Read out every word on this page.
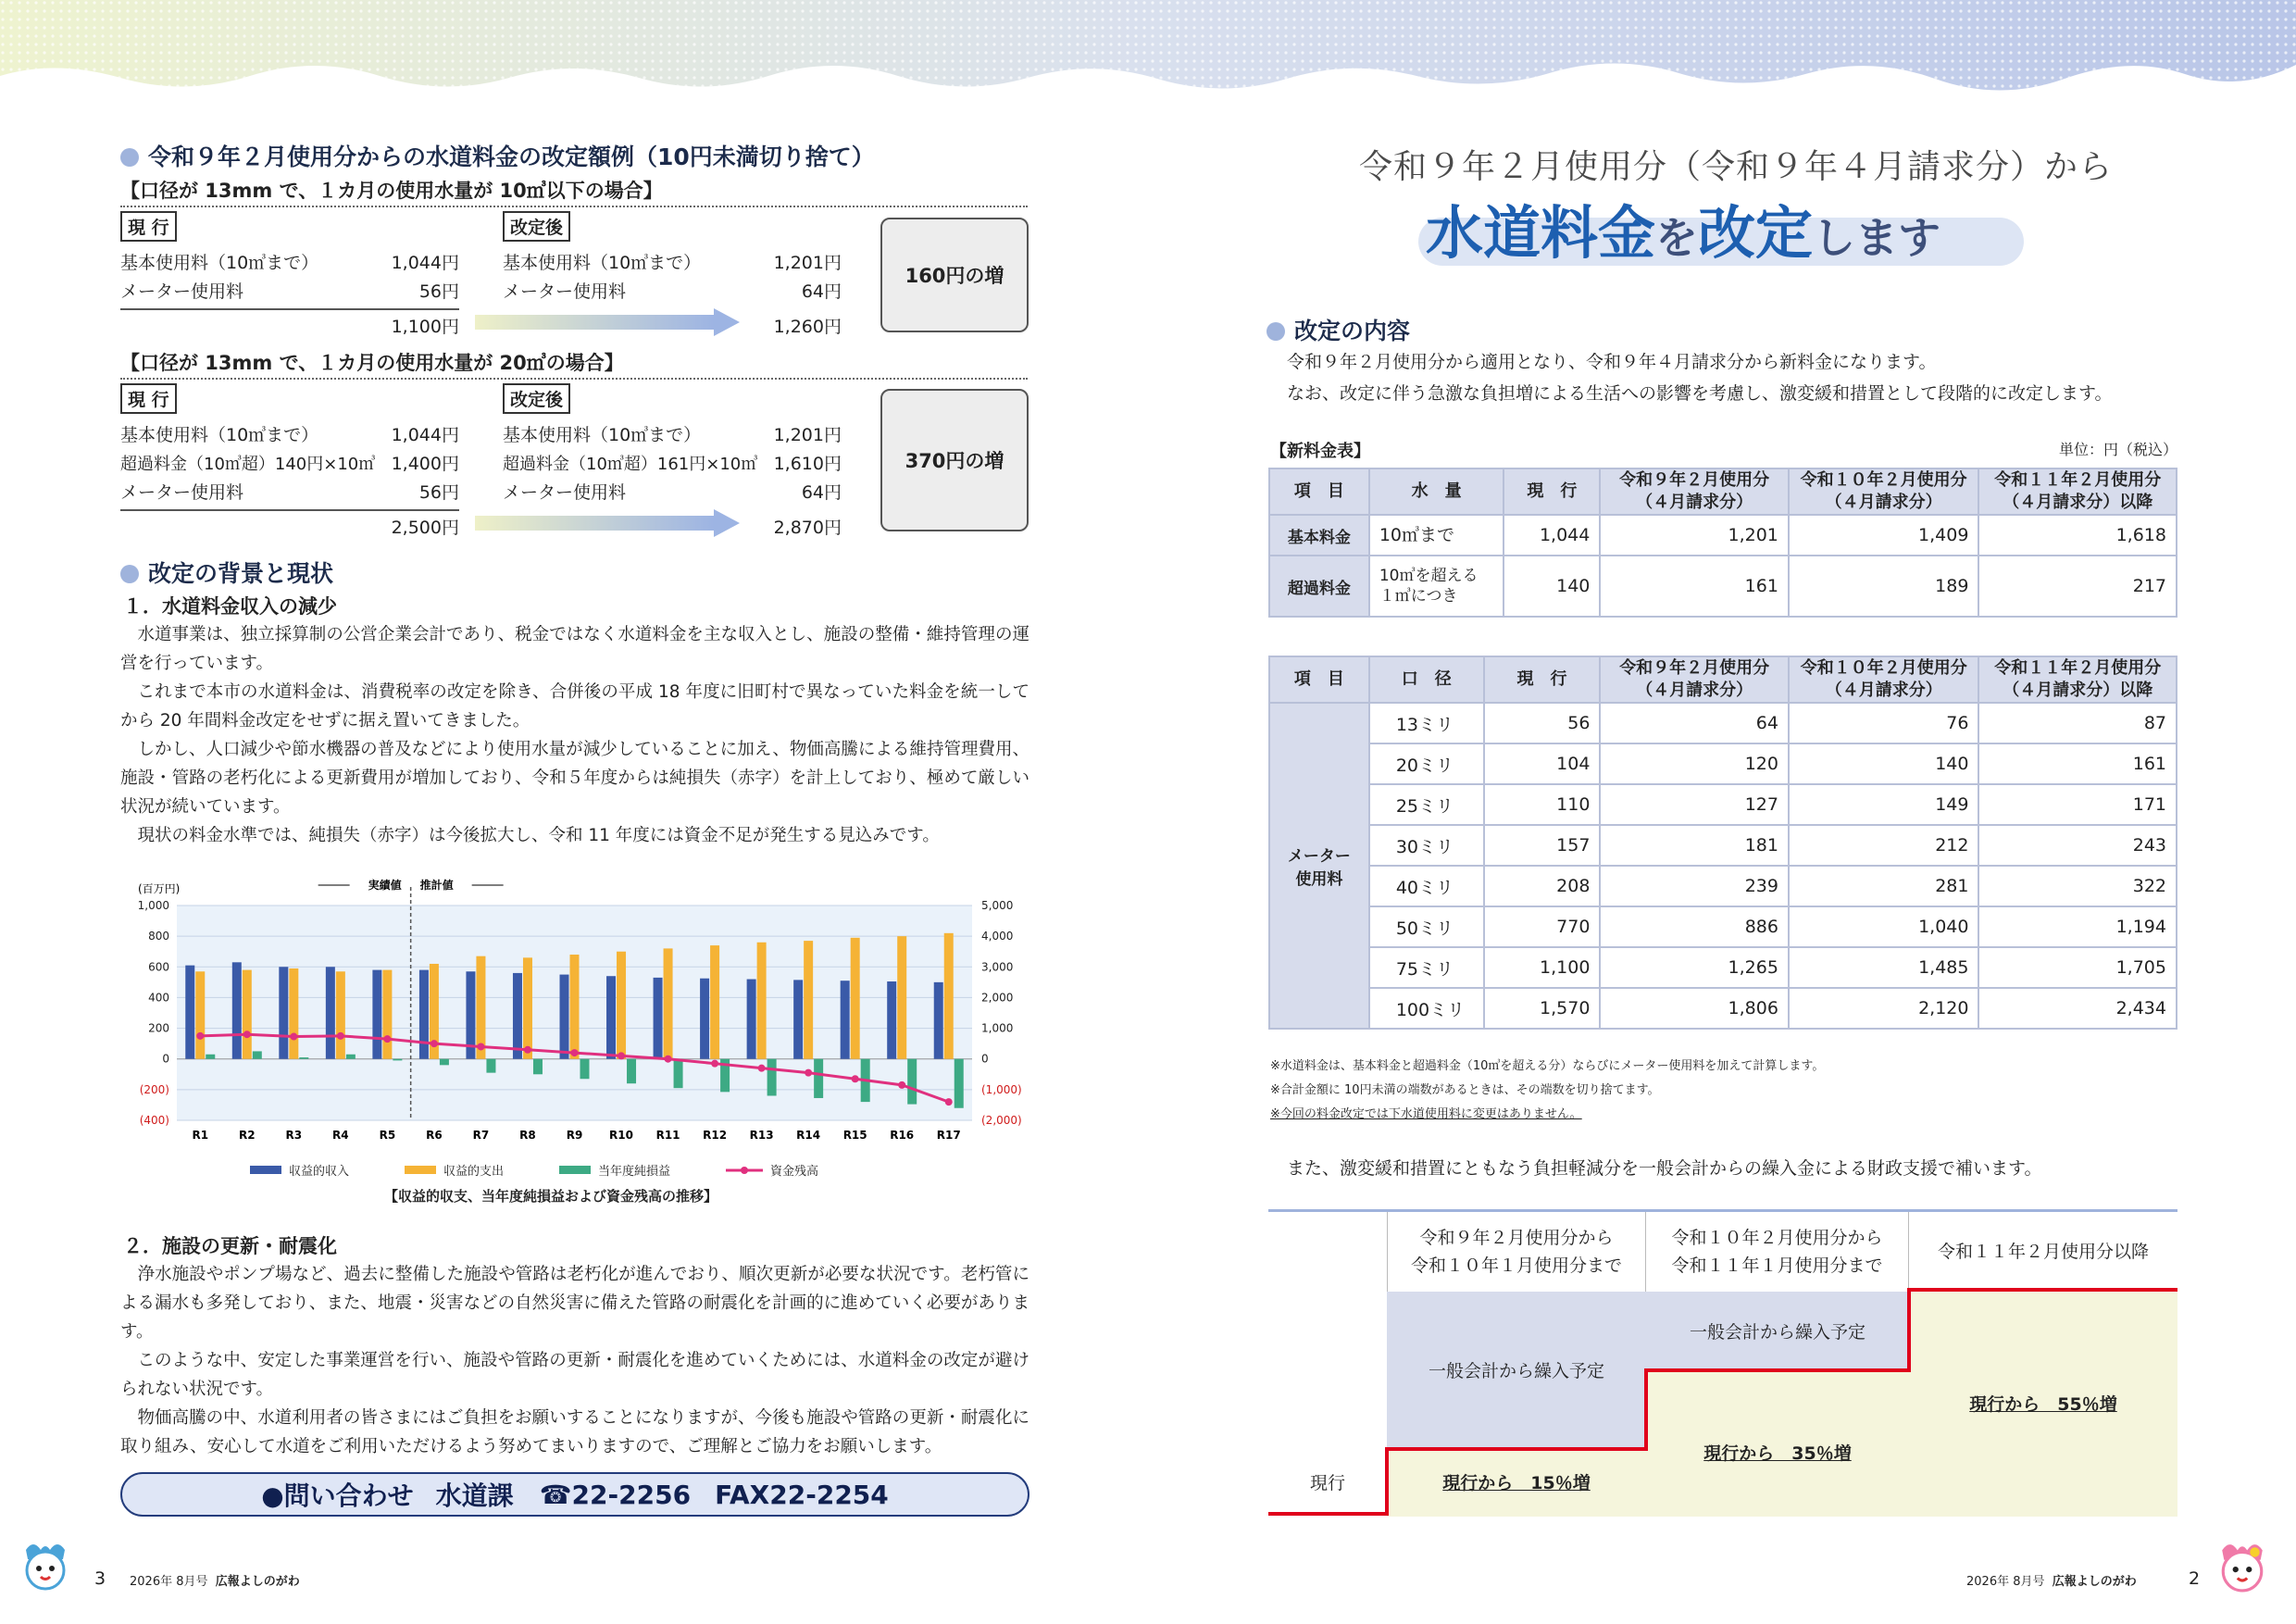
令和９年２月使用分からの水道料金の改定額例（10円未満切り捨て）
【口径が 13mm で、１カ月の使用水量が 10㎥以下の場合】
現 行
基本使用料（10㎥まで）	1,044円
メーター使用料	56円
1,100円
改定後
基本使用料（10㎥まで）	1,201円
メーター使用料	64円
1,260円
160円の増
【口径が 13mm で、１カ月の使用水量が 20㎥の場合】
現 行
基本使用料（10㎥まで）	1,044円
超過料金（10㎥超）140円×10㎥ 1,400円
メーター使用料	56円
2,500円
改定後
基本使用料（10㎥まで）	1,201円
超過料金（10㎥超）161円×10㎥ 1,610円
メーター使用料	64円
2,870円
370円の増
改定の背景と現状
１．水道料金収入の減少

水道事業は、独立採算制の公営企業会計であり、税金ではなく水道料金を主な収入とし、施設の整備・維持管理の運営を行っています。

これまで本市の水道料金は、消費税率の改定を除き、合併後の平成 18 年度に旧町村で異なっていた料金を統一してから 20 年間料金改定をせずに据え置いてきました。

しかし、人口減少や節水機器の普及などにより使用水量が減少していることに加え、物価高騰による維持管理費用、施設・管路の老朽化による更新費用が増加しており、令和５年度からは純損失（赤字）を計上しており、極めて厳しい状況が続いています。

現状の料金水準では、純損失（赤字）は今後拡大し、令和 11 年度には資金不足が発生する見込みです。

1,000
800
600
400
200
0
(200)
(400)
5,000
4,000
3,000
2,000
1,000
0
(1,000)
(2,000)
(百万円)	実績値 推計値
R1	R2	R3	R4	R5	R6	R7	R8	R9 R10 R11 R12 R13 R14 R15 R16 R17
収益的収入	収益的支出	当年度純損益	資金残高
【収益的収支、当年度純損益および資金残高の推移】
２．施設の更新・耐震化

浄水施設やポンプ場など、過去に整備した施設や管路は老朽化が進んでおり、順次更新が必要な状況です。老朽管による漏水も多発しており、また、地震・災害などの自然災害に備えた管路の耐震化を計画的に進めていく必要があります。

このような中、安定した事業運営を行い、施設や管路の更新・耐震化を進めていくためには、水道料金の改定が避けられない状況です。

物価高騰の中、水道利用者の皆さまにはご負担をお願いすることになりますが、今後も施設や管路の更新・耐震化に取り組み、安心して水道をご利用いただけるよう努めてまいりますので、ご理解とご協力をお願いします。

●問い合わせ 水道課 ☎22-2256 FAX22-2254
3 2026年 8月号 広報よしのがわ
令和９年２月使用分（令和９年４月請求分）から
水道料金を改定します
改定の内容
令和９年２月使用分から適用となり、令和９年４月請求分から新料金になります。
なお、改定に伴う急激な負担増による生活への影響を考慮し、激変緩和措置として段階的に改定します。
【新料金表】	単位：円（税込）
項　目	水　量	現　行	令和９年２月使用分
（４月請求分）	令和１０年２月使用分
（４月請求分）	令和１１年２月使用分
（４月請求分）以降
基本料金	10㎥まで	1,044	1,201	1,409	1,618
超過料金	10㎥を超える
１㎥につき	140	161	189	217
項　目	口　径	現　行	令和９年２月使用分
（４月請求分）	令和１０年２月使用分
（４月請求分）	令和１１年２月使用分
（４月請求分）以降
メーター
使用料	13ミリ	56	64	76	87
	20ミリ	104	120	140	161
	25ミリ	110	127	149	171
	30ミリ	157	181	212	243
	40ミリ	208	239	281	322
	50ミリ	770	886	1,040	1,194
	75ミリ	1,100	1,265	1,485	1,705
	100ミリ	1,570	1,806	2,120	2,434
※水道料金は、基本料金と超過料金（10㎥を超える分）ならびにメーター使用料を加えて計算します。
※合計金額に 10円未満の端数があるときは、その端数を切り捨てます。
※今回の料金改定では下水道使用料に変更はありません。
また、激変緩和措置にともなう負担軽減分を一般会計からの繰入金による財政支援で補います。
令和９年２月使用分から
令和１０年１月使用分まで
令和１０年２月使用分から
令和１１年１月使用分まで
令和１１年２月使用分以降
一般会計から繰入予定
一般会計から繰入予定
現行から　15％増
現行から　35％増
現行から　55％増
現行
2026年 8月号 広報よしのがわ	2
